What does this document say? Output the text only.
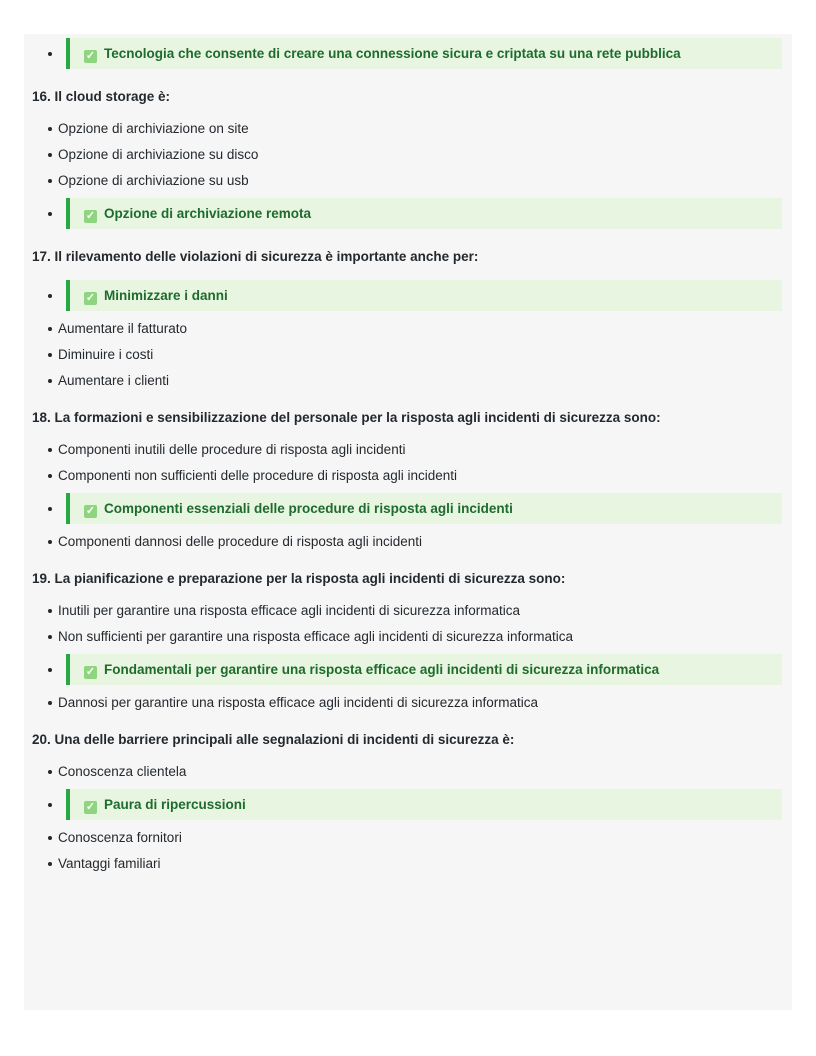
✓ Tecnologia che consente di creare una connessione sicura e criptata su una rete pubblica
16. Il cloud storage è:
Opzione di archiviazione on site
Opzione di archiviazione su disco
Opzione di archiviazione su usb
✓ Opzione di archiviazione remota
17. Il rilevamento delle violazioni di sicurezza è importante anche per:
✓ Minimizzare i danni
Aumentare il fatturato
Diminuire i costi
Aumentare i clienti
18. La formazioni e sensibilizzazione del personale per la risposta agli incidenti di sicurezza sono:
Componenti inutili delle procedure di risposta agli incidenti
Componenti non sufficienti delle procedure di risposta agli incidenti
✓ Componenti essenziali delle procedure di risposta agli incidenti
Componenti dannosi delle procedure di risposta agli incidenti
19. La pianificazione e preparazione per la risposta agli incidenti di sicurezza sono:
Inutili per garantire una risposta efficace agli incidenti di sicurezza informatica
Non sufficienti per garantire una risposta efficace agli incidenti di sicurezza informatica
✓ Fondamentali per garantire una risposta efficace agli incidenti di sicurezza informatica
Dannosi per garantire una risposta efficace agli incidenti di sicurezza informatica
20. Una delle barriere principali alle segnalazioni di incidenti di sicurezza è:
Conoscenza clientela
✓ Paura di ripercussioni
Conoscenza fornitori
Vantaggi familiari
